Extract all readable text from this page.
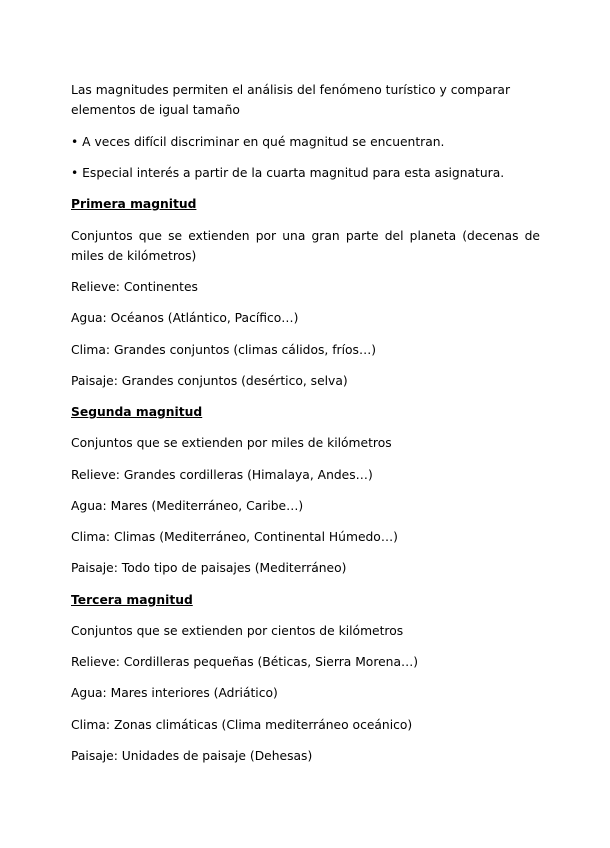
Las magnitudes permiten el análisis del fenómeno turístico y comparar

elementos de igual tamaño

• A veces difícil discriminar en qué magnitud se encuentran.

• Especial interés a partir de la cuarta magnitud para esta asignatura.

Primera magnitud

Conjuntos que se extienden por una gran parte del planeta (decenas de miles de kilómetros)

Relieve: Continentes

Agua: Océanos (Atlántico, Pacífico…)

Clima: Grandes conjuntos (climas cálidos, fríos…)

Paisaje: Grandes conjuntos (desértico, selva)

Segunda magnitud

Conjuntos que se extienden por miles de kilómetros

Relieve: Grandes cordilleras (Himalaya, Andes…)

Agua: Mares (Mediterráneo, Caribe…)

Clima: Climas (Mediterráneo, Continental Húmedo…)

Paisaje: Todo tipo de paisajes (Mediterráneo)

Tercera magnitud

Conjuntos que se extienden por cientos de kilómetros

Relieve: Cordilleras pequeñas (Béticas, Sierra Morena…)

Agua: Mares interiores (Adriático)

Clima: Zonas climáticas (Clima mediterráneo oceánico)

Paisaje: Unidades de paisaje (Dehesas)
